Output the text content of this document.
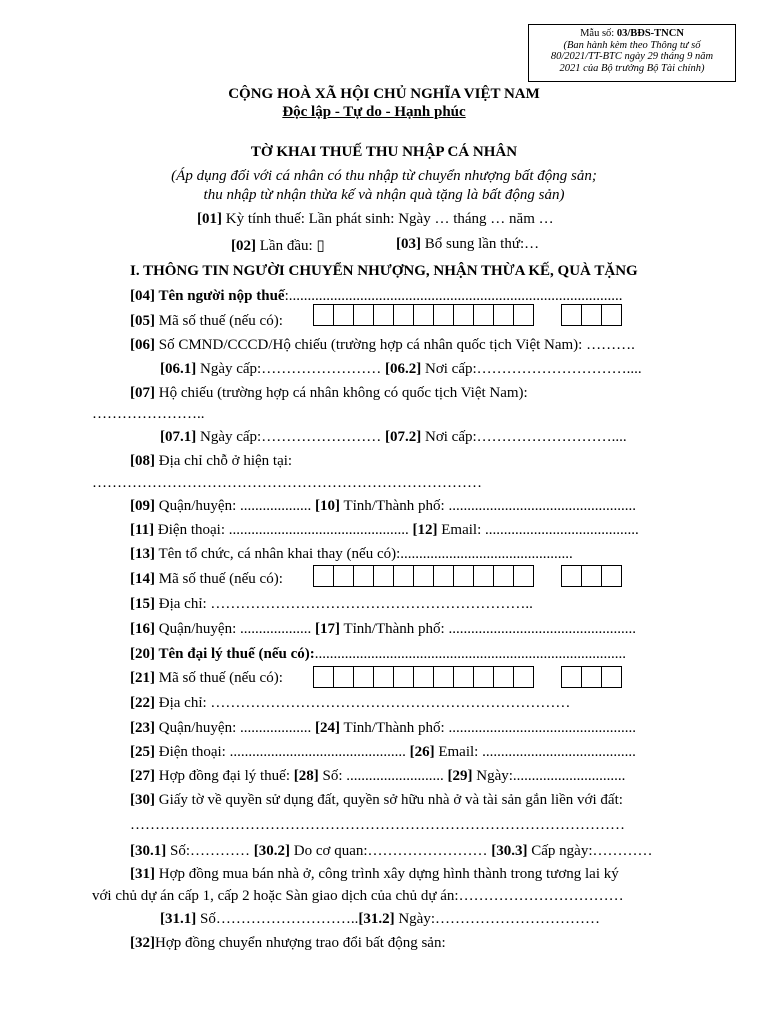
Mẫu số: 03/BĐS-TNCN
(Ban hành kèm theo Thông tư số
80/2021/TT-BTC ngày 29 tháng 9 năm
2021 của Bộ trưởng Bộ Tài chính)
CỘNG HOÀ XÃ HỘI CHỦ NGHĨA VIỆT NAM
Độc lập - Tự do - Hạnh phúc
TỜ KHAI THUẾ THU NHẬP CÁ NHÂN
(Áp dụng đối với cá nhân có thu nhập từ chuyển nhượng bất động sản;
thu nhập từ nhận thừa kế và nhận quà tặng là bất động sản)
[01] Kỳ tính thuế: Lần phát sinh: Ngày … tháng … năm …
[02] Lần đầu: ▯	[03] Bổ sung lần thứ:…
I. THÔNG TIN NGƯỜI CHUYỂN NHƯỢNG, NHẬN THỪA KẾ, QUÀ TẶNG
[04] Tên người nộp thuế:.........................................................................................
[05] Mã số thuế (nếu có):
[06] Số CMND/CCCD/Hộ chiếu (trường hợp cá nhân quốc tịch Việt Nam): ……….
[06.1] Ngày cấp:…………………… [06.2] Nơi cấp:…………………………....
[07] Hộ chiếu (trường hợp cá nhân không có quốc tịch Việt Nam):
…………………..
[07.1] Ngày cấp:…………………… [07.2] Nơi cấp:………………………....
[08] Địa chỉ chỗ ở hiện tại:
……………………………………………………………………
[09] Quận/huyện: ................... [10] Tỉnh/Thành phố: ..................................................
[11] Điện thoại: ................................................ [12] Email: .........................................
[13] Tên tổ chức, cá nhân khai thay (nếu có):..............................................
[14] Mã số thuế (nếu có):
[15] Địa chỉ: ………………………………………………………..
[16] Quận/huyện: ................... [17] Tỉnh/Thành phố: ..................................................
[20] Tên đại lý thuế (nếu có):...................................................................................
[21] Mã số thuế (nếu có):
[22] Địa chỉ: ………………………………………………………………
[23] Quận/huyện: ................... [24] Tỉnh/Thành phố: ..................................................
[25] Điện thoại: ............................................... [26] Email: .........................................
[27] Hợp đồng đại lý thuế: [28] Số: .......................... [29] Ngày:..............................
[30] Giấy tờ về quyền sử dụng đất, quyền sở hữu nhà ở và tài sản gắn liền với đất:
………………………………………………………………………………………
[30.1] Số:………… [30.2] Do cơ quan:…………………… [30.3] Cấp ngày:…………
[31] Hợp đồng mua bán nhà ở, công trình xây dựng hình thành trong tương lai ký
với chủ dự án cấp 1, cấp 2 hoặc Sàn giao dịch của chủ dự án:……………………………
[31.1] Số………………………..[31.2] Ngày:……………………………
[32]Hợp đồng chuyển nhượng trao đổi bất động sản:
